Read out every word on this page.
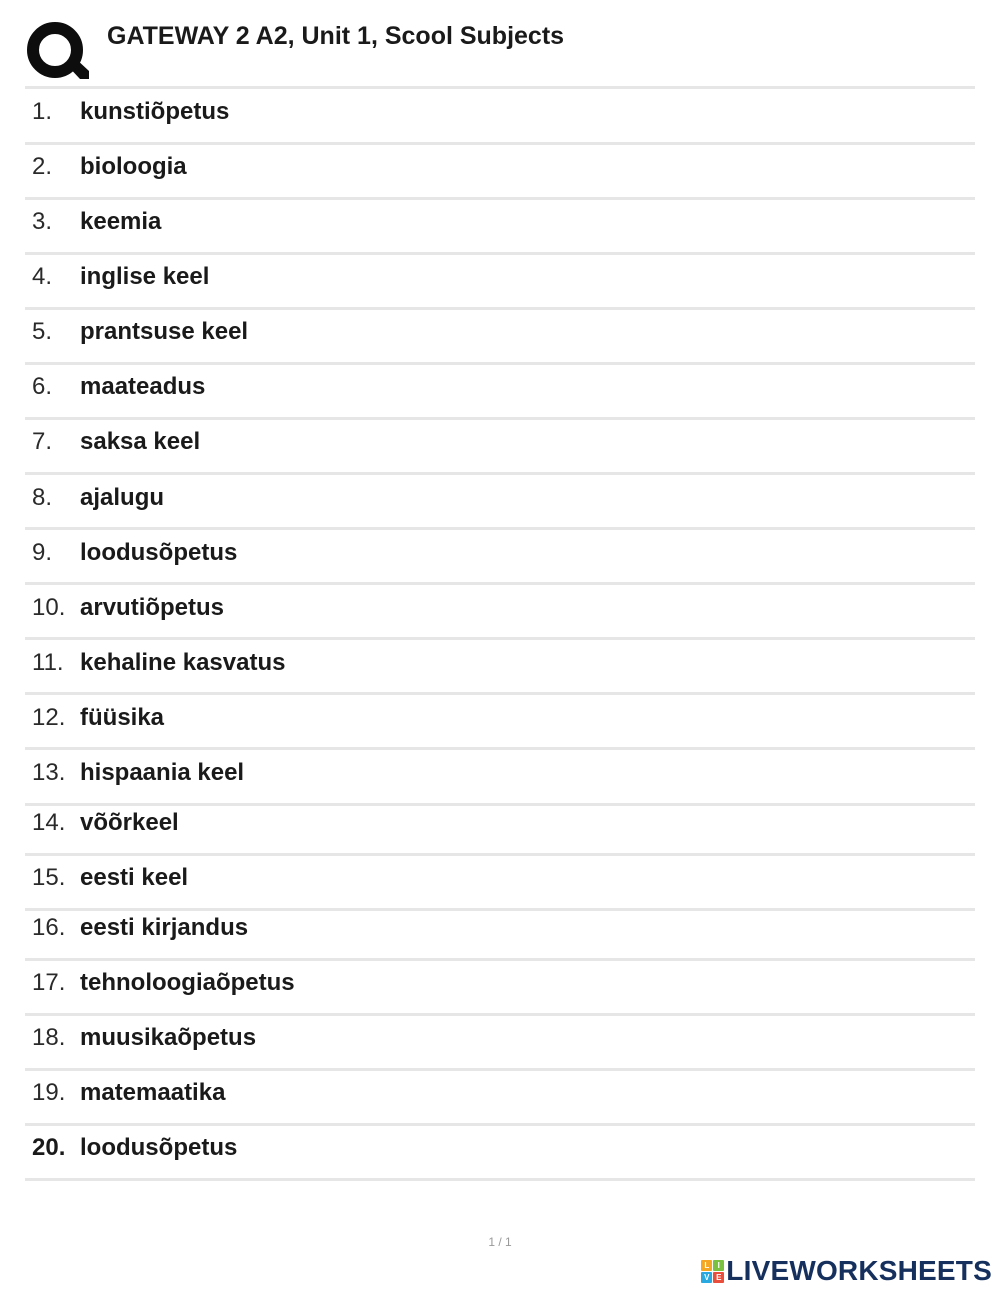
GATEWAY 2 A2, Unit 1, Scool Subjects
1. kunstiõpetus
2. bioloogia
3. keemia
4. inglise keel
5. prantsuse keel
6. maateadus
7. saksa keel
8. ajalugu
9. loodusõpetus
10. arvutiõpetus
11. kehaline kasvatus
12. füüsika
13. hispaania keel
14. võõrkeel
15. eesti keel
16. eesti kirjandus
17. tehnoloogiaõpetus
18. muusikaõpetus
19. matemaatika
20. loodusõpetus
1 / 1
L	I
V E LIVEWORKSHEETS
